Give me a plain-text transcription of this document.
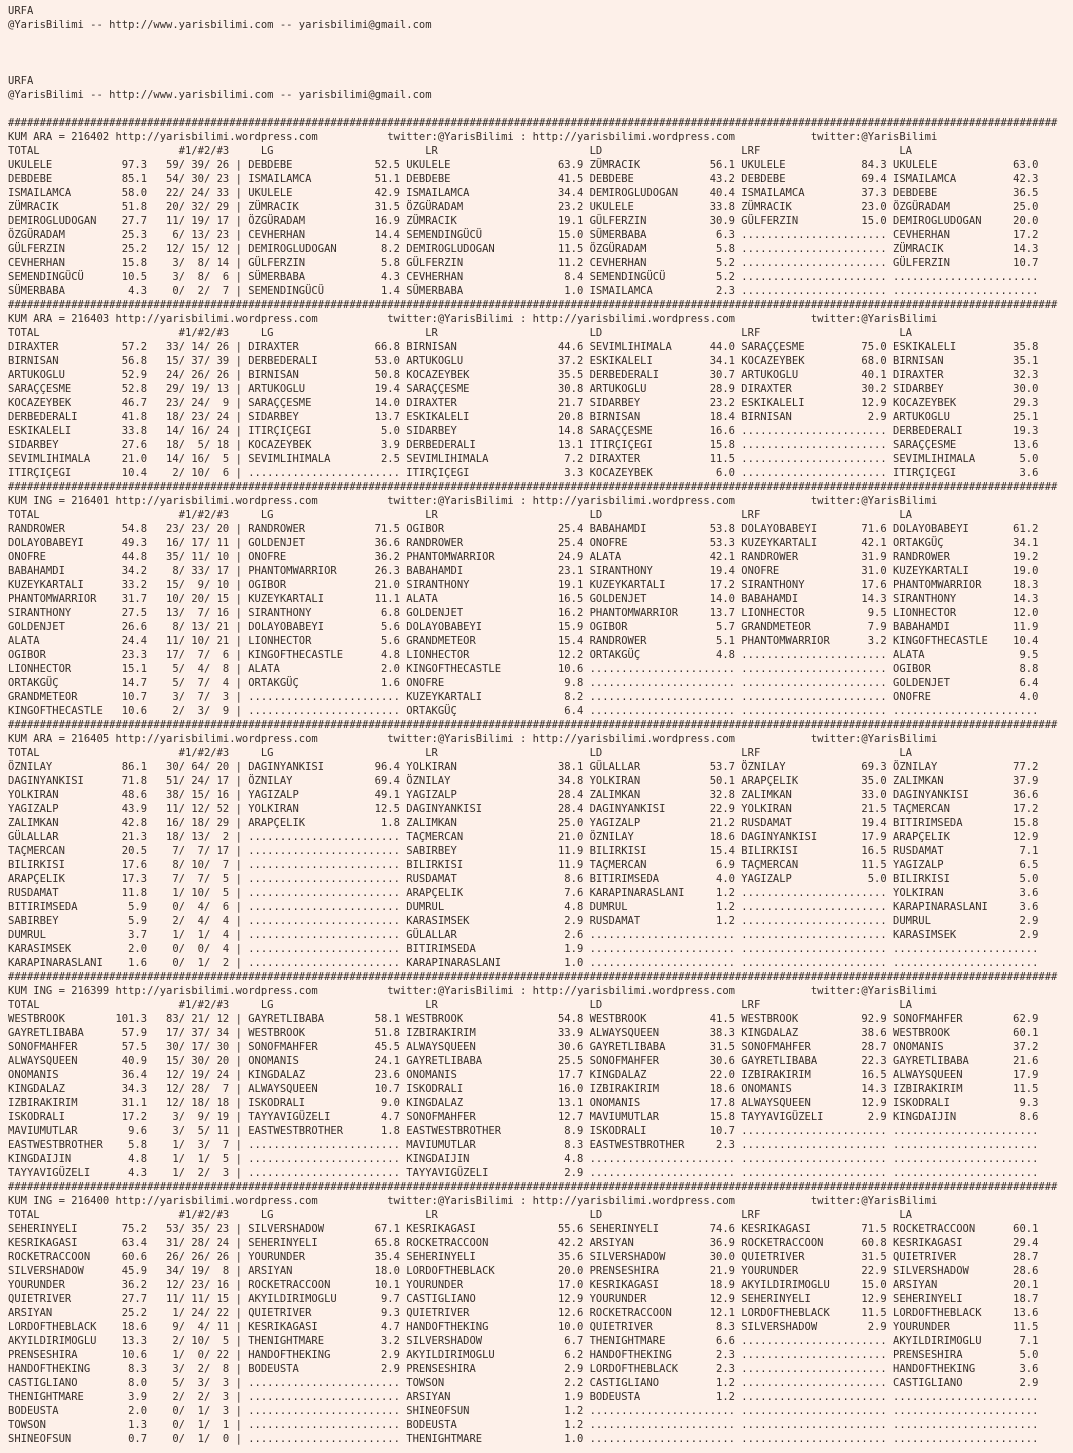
URFA
@YarisBilimi -- http://www.yarisbilimi.com -- yarisbilimi@gmail.com
URFA
@YarisBilimi -- http://www.yarisbilimi.com -- yarisbilimi@gmail.com
######################################################################################################################################################################
KUM ARA = 216402 http://yarisbilimi.wordpress.com           twitter:@YarisBilimi : http://yarisbilimi.wordpress.com            twitter:@YarisBilimi
TOTAL                      #1/#2/#3     LG                        LR                        LD                      LRF                      LA
UKULELE           97.3   59/ 39/ 26 | DEBDEBE             52.5 UKULELE                 63.9 ZÜMRACIK           56.1 UKULELE            84.3 UKULELE            63.0
DEBDEBE           85.1   54/ 30/ 23 | ISMAILAMCA          51.1 DEBDEBE                 41.5 DEBDEBE            43.2 DEBDEBE            69.4 ISMAILAMCA         42.3
ISMAILAMCA        58.0   22/ 24/ 33 | UKULELE             42.9 ISMAILAMCA              34.4 DEMIROGLUDOGAN     40.4 ISMAILAMCA         37.3 DEBDEBE            36.5
ZÜMRACIK          51.8   20/ 32/ 29 | ZÜMRACIK            31.5 ÖZGÜRADAM               23.2 UKULELE            33.8 ZÜMRACIK           23.0 ÖZGÜRADAM          25.0
DEMIROGLUDOGAN    27.7   11/ 19/ 17 | ÖZGÜRADAM           16.9 ZÜMRACIK                19.1 GÜLFERZIN          30.9 GÜLFERZIN          15.0 DEMIROGLUDOGAN     20.0
ÖZGÜRADAM         25.3    6/ 13/ 23 | CEVHERHAN           14.4 SEMENDINGÜCÜ            15.0 SÜMERBABA           6.3 ....................... CEVHERHAN          17.2
GÜLFERZIN         25.2   12/ 15/ 12 | DEMIROGLUDOGAN       8.2 DEMIROGLUDOGAN          11.5 ÖZGÜRADAM           5.8 ....................... ZÜMRACIK           14.3
CEVHERHAN         15.8    3/  8/ 14 | GÜLFERZIN            5.8 GÜLFERZIN               11.2 CEVHERHAN           5.2 ....................... GÜLFERZIN          10.7
SEMENDINGÜCÜ      10.5    3/  8/  6 | SÜMERBABA            4.3 CEVHERHAN                8.4 SEMENDINGÜCÜ        5.2 ....................... .......................
SÜMERBABA          4.3    0/  2/  7 | SEMENDINGÜCÜ         1.4 SÜMERBABA                1.0 ISMAILAMCA          2.3 ....................... .......................
######################################################################################################################################################################
KUM ARA = 216403 http://yarisbilimi.wordpress.com           twitter:@YarisBilimi : http://yarisbilimi.wordpress.com            twitter:@YarisBilimi
TOTAL                      #1/#2/#3     LG                        LR                        LD                      LRF                      LA
DIRAXTER          57.2   33/ 14/ 26 | DIRAXTER            66.8 BIRNISAN                44.6 SEVIMLIHIMALA      44.0 SARAÇÇESME         75.0 ESKIKALELI         35.8
BIRNISAN          56.8   15/ 37/ 39 | DERBEDERALI         53.0 ARTUKOGLU               37.2 ESKIKALELI         34.1 KOCAZEYBEK         68.0 BIRNISAN           35.1
ARTUKOGLU         52.9   24/ 26/ 26 | BIRNISAN            50.8 KOCAZEYBEK              35.5 DERBEDERALI        30.7 ARTUKOGLU          40.1 DIRAXTER           32.3
SARAÇÇESME        52.8   29/ 19/ 13 | ARTUKOGLU           19.4 SARAÇÇESME              30.8 ARTUKOGLU          28.9 DIRAXTER           30.2 SIDARBEY           30.0
KOCAZEYBEK        46.7   23/ 24/  9 | SARAÇÇESME          14.0 DIRAXTER                21.7 SIDARBEY           23.2 ESKIKALELI         12.9 KOCAZEYBEK         29.3
DERBEDERALI       41.8   18/ 23/ 24 | SIDARBEY            13.7 ESKIKALELI              20.8 BIRNISAN           18.4 BIRNISAN            2.9 ARTUKOGLU          25.1
ESKIKALELI        33.8   14/ 16/ 24 | ITIRÇIÇEGI           5.0 SIDARBEY                14.8 SARAÇÇESME         16.6 ....................... DERBEDERALI        19.3
SIDARBEY          27.6   18/  5/ 18 | KOCAZEYBEK           3.9 DERBEDERALI             13.1 ITIRÇIÇEGI         15.8 ....................... SARAÇÇESME         13.6
SEVIMLIHIMALA     21.0   14/ 16/  5 | SEVIMLIHIMALA        2.5 SEVIMLIHIMALA            7.2 DIRAXTER           11.5 ....................... SEVIMLIHIMALA       5.0
ITIRÇIÇEGI        10.4    2/ 10/  6 | ........................ ITIRÇIÇEGI               3.3 KOCAZEYBEK          6.0 ....................... ITIRÇIÇEGI          3.6
######################################################################################################################################################################
KUM ING = 216401 http://yarisbilimi.wordpress.com           twitter:@YarisBilimi : http://yarisbilimi.wordpress.com            twitter:@YarisBilimi
TOTAL                      #1/#2/#3     LG                        LR                        LD                      LRF                      LA
RANDROWER         54.8   23/ 23/ 20 | RANDROWER           71.5 OGIBOR                  25.4 BABAHAMDI          53.8 DOLAYOBABEYI       71.6 DOLAYOBABEYI       61.2
DOLAYOBABEYI      49.3   16/ 17/ 11 | GOLDENJET           36.6 RANDROWER               25.4 ONOFRE             53.3 KUZEYKARTALI       42.1 ORTAKGÜÇ           34.1
ONOFRE            44.8   35/ 11/ 10 | ONOFRE              36.2 PHANTOMWARRIOR          24.9 ALATA              42.1 RANDROWER          31.9 RANDROWER          19.2
BABAHAMDI         34.2    8/ 33/ 17 | PHANTOMWARRIOR      26.3 BABAHAMDI               23.1 SIRANTHONY         19.4 ONOFRE             31.0 KUZEYKARTALI       19.0
KUZEYKARTALI      33.2   15/  9/ 10 | OGIBOR              21.0 SIRANTHONY              19.1 KUZEYKARTALI       17.2 SIRANTHONY         17.6 PHANTOMWARRIOR     18.3
PHANTOMWARRIOR    31.7   10/ 20/ 15 | KUZEYKARTALI        11.1 ALATA                   16.5 GOLDENJET          14.0 BABAHAMDI          14.3 SIRANTHONY         14.3
SIRANTHONY        27.5   13/  7/ 16 | SIRANTHONY           6.8 GOLDENJET               16.2 PHANTOMWARRIOR     13.7 LIONHECTOR          9.5 LIONHECTOR         12.0
GOLDENJET         26.6    8/ 13/ 21 | DOLAYOBABEYI         5.6 DOLAYOBABEYI            15.9 OGIBOR              5.7 GRANDMETEOR         7.9 BABAHAMDI          11.9
ALATA             24.4   11/ 10/ 21 | LIONHECTOR           5.6 GRANDMETEOR             15.4 RANDROWER           5.1 PHANTOMWARRIOR      3.2 KINGOFTHECASTLE    10.4
OGIBOR            23.3   17/  7/  6 | KINGOFTHECASTLE      4.8 LIONHECTOR              12.2 ORTAKGÜÇ            4.8 ....................... ALATA               9.5
LIONHECTOR        15.1    5/  4/  8 | ALATA                2.0 KINGOFTHECASTLE         10.6 ....................... ....................... OGIBOR              8.8
ORTAKGÜÇ          14.7    5/  7/  4 | ORTAKGÜÇ             1.6 ONOFRE                   9.8 ....................... ....................... GOLDENJET           6.4
GRANDMETEOR       10.7    3/  7/  3 | ........................ KUZEYKARTALI             8.2 ....................... ....................... ONOFRE              4.0
KINGOFTHECASTLE   10.6    2/  3/  9 | ........................ ORTAKGÜÇ                 6.4 ....................... ....................... .......................
######################################################################################################################################################################
KUM ARA = 216405 http://yarisbilimi.wordpress.com           twitter:@YarisBilimi : http://yarisbilimi.wordpress.com            twitter:@YarisBilimi
TOTAL                      #1/#2/#3     LG                        LR                        LD                      LRF                      LA
ÖZNILAY           86.1   30/ 64/ 20 | DAGINYANKISI        96.4 YOLKIRAN                38.1 GÜLALLAR           53.7 ÖZNILAY            69.3 ÖZNILAY            77.2
DAGINYANKISI      71.8   51/ 24/ 17 | ÖZNILAY             69.4 ÖZNILAY                 34.8 YOLKIRAN           50.1 ARAPÇELIK          35.0 ZALIMKAN           37.9
YOLKIRAN          48.6   38/ 15/ 16 | YAGIZALP            49.1 YAGIZALP                28.4 ZALIMKAN           32.8 ZALIMKAN           33.0 DAGINYANKISI       36.6
YAGIZALP          43.9   11/ 12/ 52 | YOLKIRAN            12.5 DAGINYANKISI            28.4 DAGINYANKISI       22.9 YOLKIRAN           21.5 TAÇMERCAN          17.2
ZALIMKAN          42.8   16/ 18/ 29 | ARAPÇELIK            1.8 ZALIMKAN                25.0 YAGIZALP           21.2 RUSDAMAT           19.4 BITIRIMSEDA        15.8
GÜLALLAR          21.3   18/ 13/  2 | ........................ TAÇMERCAN               21.0 ÖZNILAY            18.6 DAGINYANKISI       17.9 ARAPÇELIK          12.9
TAÇMERCAN         20.5    7/  7/ 17 | ........................ SABIRBEY                11.9 BILIRKISI          15.4 BILIRKISI          16.5 RUSDAMAT            7.1
BILIRKISI         17.6    8/ 10/  7 | ........................ BILIRKISI               11.9 TAÇMERCAN           6.9 TAÇMERCAN          11.5 YAGIZALP            6.5
ARAPÇELIK         17.3    7/  7/  5 | ........................ RUSDAMAT                 8.6 BITIRIMSEDA         4.0 YAGIZALP            5.0 BILIRKISI           5.0
RUSDAMAT          11.8    1/ 10/  5 | ........................ ARAPÇELIK                7.6 KARAPINARASLANI     1.2 ....................... YOLKIRAN            3.6
BITIRIMSEDA        5.9    0/  4/  6 | ........................ DUMRUL                   4.8 DUMRUL              1.2 ....................... KARAPINARASLANI     3.6
SABIRBEY           5.9    2/  4/  4 | ........................ KARASIMSEK               2.9 RUSDAMAT            1.2 ....................... DUMRUL              2.9
DUMRUL             3.7    1/  1/  4 | ........................ GÜLALLAR                 2.6 ....................... ....................... KARASIMSEK          2.9
KARASIMSEK         2.0    0/  0/  4 | ........................ BITIRIMSEDA              1.9 ....................... ....................... .......................
KARAPINARASLANI    1.6    0/  1/  2 | ........................ KARAPINARASLANI          1.0 ....................... ....................... .......................
######################################################################################################################################################################
KUM ING = 216399 http://yarisbilimi.wordpress.com           twitter:@YarisBilimi : http://yarisbilimi.wordpress.com            twitter:@YarisBilimi
TOTAL                      #1/#2/#3     LG                        LR                        LD                      LRF                      LA
WESTBROOK        101.3   83/ 21/ 12 | GAYRETLIBABA        58.1 WESTBROOK               54.8 WESTBROOK          41.5 WESTBROOK          92.9 SONOFMAHFER        62.9
GAYRETLIBABA      57.9   17/ 37/ 34 | WESTBROOK           51.8 IZBIRAKIRIM             33.9 ALWAYSQUEEN        38.3 KINGDALAZ          38.6 WESTBROOK          60.1
SONOFMAHFER       57.5   30/ 17/ 30 | SONOFMAHFER         45.5 ALWAYSQUEEN             30.6 GAYRETLIBABA       31.5 SONOFMAHFER        28.7 ONOMANIS           37.2
ALWAYSQUEEN       40.9   15/ 30/ 20 | ONOMANIS            24.1 GAYRETLIBABA            25.5 SONOFMAHFER        30.6 GAYRETLIBABA       22.3 GAYRETLIBABA       21.6
ONOMANIS          36.4   12/ 19/ 24 | KINGDALAZ           23.6 ONOMANIS                17.7 KINGDALAZ          22.0 IZBIRAKIRIM        16.5 ALWAYSQUEEN        17.9
KINGDALAZ         34.3   12/ 28/  7 | ALWAYSQUEEN         10.7 ISKODRALI               16.0 IZBIRAKIRIM        18.6 ONOMANIS           14.3 IZBIRAKIRIM        11.5
IZBIRAKIRIM       31.1   12/ 18/ 18 | ISKODRALI            9.0 KINGDALAZ               13.1 ONOMANIS           17.8 ALWAYSQUEEN        12.9 ISKODRALI           9.3
ISKODRALI         17.2    3/  9/ 19 | TAYYAVIGÜZELI        4.7 SONOFMAHFER             12.7 MAVIUMUTLAR        15.8 TAYYAVIGÜZELI       2.9 KINGDAIJIN          8.6
MAVIUMUTLAR        9.6    3/  5/ 11 | EASTWESTBROTHER      1.8 EASTWESTBROTHER          8.9 ISKODRALI          10.7 ....................... .......................
EASTWESTBROTHER    5.8    1/  3/  7 | ........................ MAVIUMUTLAR              8.3 EASTWESTBROTHER     2.3 ....................... .......................
KINGDAIJIN         4.8    1/  1/  5 | ........................ KINGDAIJIN               4.8 ....................... ....................... .......................
TAYYAVIGÜZELI      4.3    1/  2/  3 | ........................ TAYYAVIGÜZELI            2.9 ....................... ....................... .......................
######################################################################################################################################################################
KUM ING = 216400 http://yarisbilimi.wordpress.com           twitter:@YarisBilimi : http://yarisbilimi.wordpress.com            twitter:@YarisBilimi
TOTAL                      #1/#2/#3     LG                        LR                        LD                      LRF                      LA
SEHERINYELI       75.2   53/ 35/ 23 | SILVERSHADOW        67.1 KESRIKAGASI             55.6 SEHERINYELI        74.6 KESRIKAGASI        71.5 ROCKETRACCOON      60.1
KESRIKAGASI       63.4   31/ 28/ 24 | SEHERINYELI         65.8 ROCKETRACCOON           42.2 ARSIYAN            36.9 ROCKETRACCOON      60.8 KESRIKAGASI        29.4
ROCKETRACCOON     60.6   26/ 26/ 26 | YOURUNDER           35.4 SEHERINYELI             35.6 SILVERSHADOW       30.0 QUIETRIVER         31.5 QUIETRIVER         28.7
SILVERSHADOW      45.9   34/ 19/  8 | ARSIYAN             18.0 LORDOFTHEBLACK          20.0 PRENSESHIRA        21.9 YOURUNDER          22.9 SILVERSHADOW       28.6
YOURUNDER         36.2   12/ 23/ 16 | ROCKETRACCOON       10.1 YOURUNDER               17.0 KESRIKAGASI        18.9 AKYILDIRIMOGLU     15.0 ARSIYAN            20.1
QUIETRIVER        27.7   11/ 11/ 15 | AKYILDIRIMOGLU       9.7 CASTIGLIANO             12.9 YOURUNDER          12.9 SEHERINYELI        12.9 SEHERINYELI        18.7
ARSIYAN           25.2    1/ 24/ 22 | QUIETRIVER           9.3 QUIETRIVER              12.6 ROCKETRACCOON      12.1 LORDOFTHEBLACK     11.5 LORDOFTHEBLACK     13.6
LORDOFTHEBLACK    18.6    9/  4/ 11 | KESRIKAGASI          4.7 HANDOFTHEKING           10.0 QUIETRIVER          8.3 SILVERSHADOW        2.9 YOURUNDER          11.5
AKYILDIRIMOGLU    13.3    2/ 10/  5 | THENIGHTMARE         3.2 SILVERSHADOW             6.7 THENIGHTMARE        6.6 ....................... AKYILDIRIMOGLU      7.1
PRENSESHIRA       10.6    1/  0/ 22 | HANDOFTHEKING        2.9 AKYILDIRIMOGLU           6.2 HANDOFTHEKING       2.3 ....................... PRENSESHIRA         5.0
HANDOFTHEKING      8.3    3/  2/  8 | BODEUSTA             2.9 PRENSESHIRA              2.9 LORDOFTHEBLACK      2.3 ....................... HANDOFTHEKING       3.6
CASTIGLIANO        8.0    5/  3/  3 | ........................ TOWSON                   2.2 CASTIGLIANO         1.2 ....................... CASTIGLIANO         2.9
THENIGHTMARE       3.9    2/  2/  3 | ........................ ARSIYAN                  1.9 BODEUSTA            1.2 ....................... .......................
BODEUSTA           2.0    0/  1/  3 | ........................ SHINEOFSUN               1.2 ....................... ....................... .......................
TOWSON             1.3    0/  1/  1 | ........................ BODEUSTA                 1.2 ....................... ....................... .......................
SHINEOFSUN         0.7    0/  1/  0 | ........................ THENIGHTMARE             1.0 ....................... ....................... .......................
